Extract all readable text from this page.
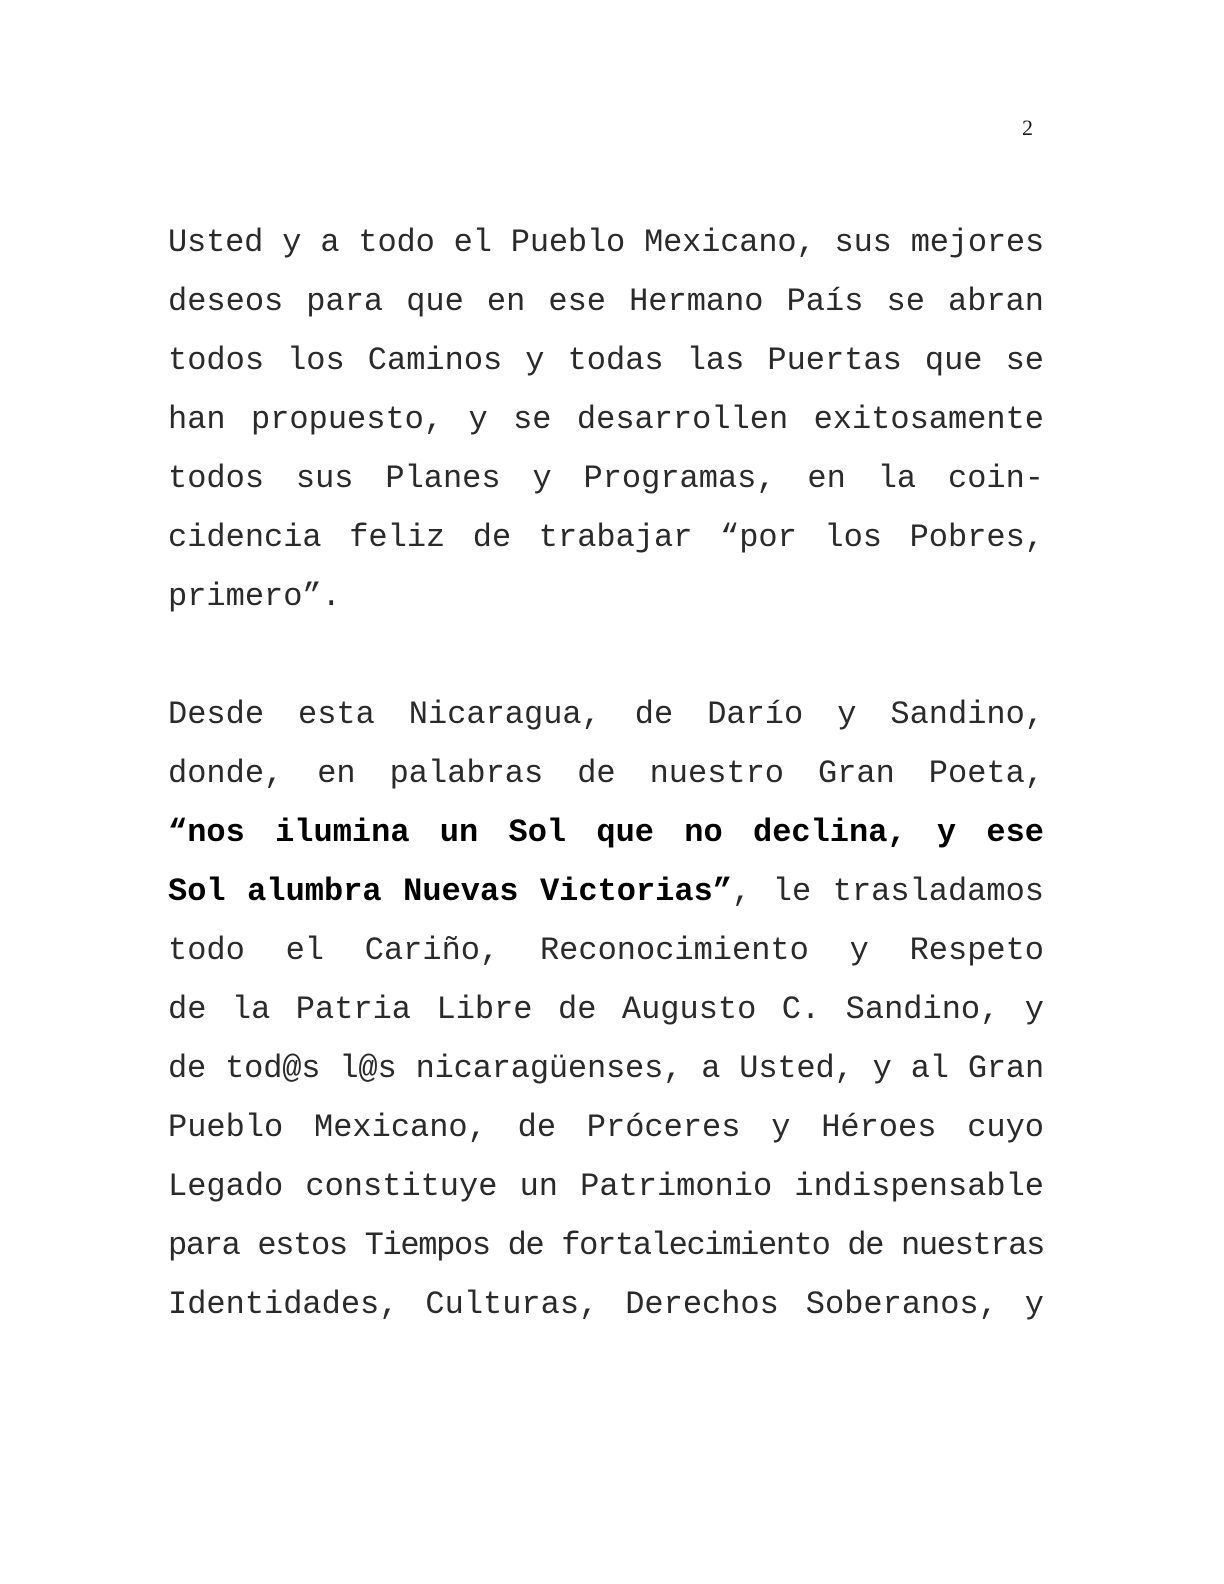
2
Usted y a todo el Pueblo Mexicano, sus mejores
deseos para que en ese Hermano País se abran
todos los Caminos y todas las Puertas que se
han propuesto, y se desarrollen exitosamente
todos sus Planes y Programas, en la coin-
cidencia feliz de trabajar “por los Pobres,
primero”.
Desde esta Nicaragua, de Darío y Sandino,
donde, en palabras de nuestro Gran Poeta,
“nos ilumina un Sol que no declina, y ese
Sol alumbra Nuevas Victorias”, le trasladamos
todo el Cariño, Reconocimiento y Respeto
de la Patria Libre de Augusto C. Sandino, y
de tod@s l@s nicaragüenses, a Usted, y al Gran
Pueblo Mexicano, de Próceres y Héroes cuyo
Legado constituye un Patrimonio indispensable
para estos Tiempos de fortalecimiento de nuestras
Identidades, Culturas, Derechos Soberanos, y
